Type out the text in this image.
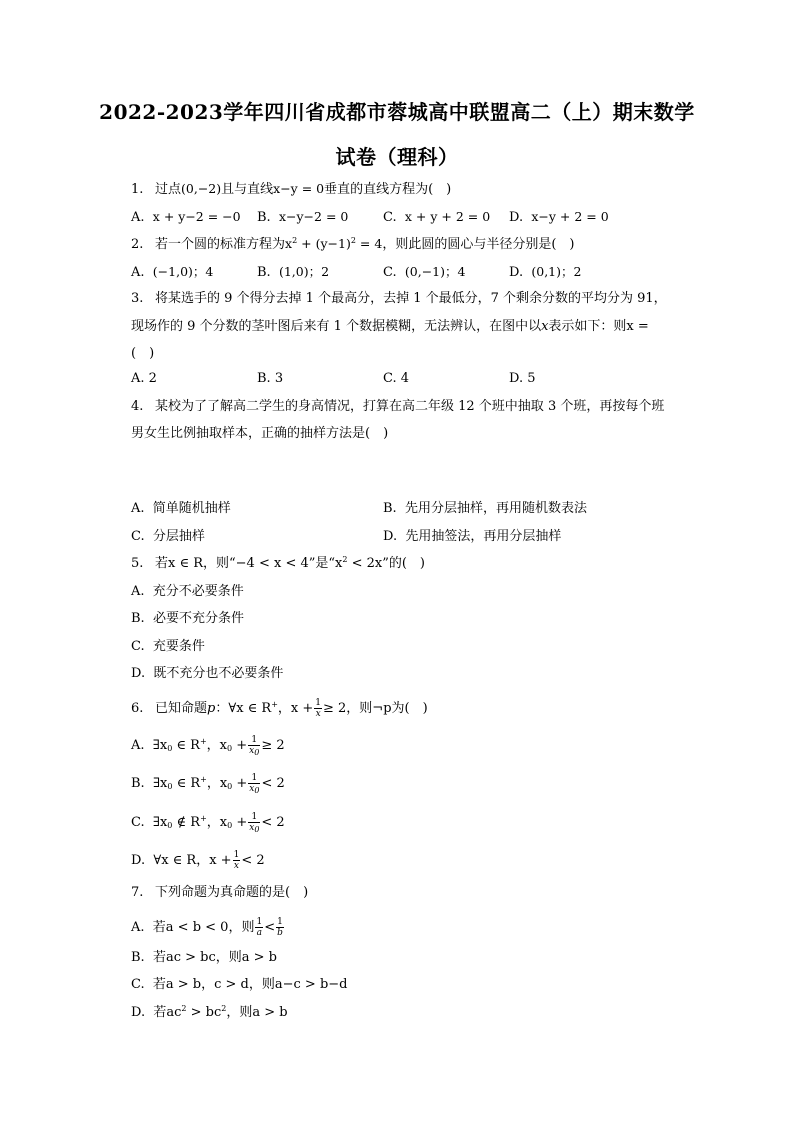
2022-2023学年四川省成都市蓉城高中联盟高二（上）期末数学
试卷（理科）
1. 过点(0,−2)且与直线x−y = 0垂直的直线方程为(　)
A. x + y−2 = −0 B. x−y−2 = 0	C. x + y + 2 = 0 D. x−y + 2 = 0
2. 若一个圆的标准方程为$x^2 + (y-1)^2 = 4$，则此圆的圆心与半径分别是(　)
A. (−1,0)；4	B. (1,0)；2	C. (0,−1)；4	D. (0,1)；2
3. 将某选手的 9 个得分去掉 1 个最高分，去掉 1 个最低分，7 个剩余分数的平均分为 91，
现场作的 9 个分数的茎叶图后来有 1 个数据模糊，无法辨认，在图中以x表示如下：则x =
(　)
A. 2	B. 3	C. 4	D. 5
4. 某校为了了解高二学生的身高情况，打算在高二年级 12 个班中抽取 3 个班，再按每个班
男女生比例抽取样本，正确的抽样方法是(　)
A. 简单随机抽样	B. 先用分层抽样，再用随机数表法
C. 分层抽样	D. 先用抽签法，再用分层抽样
5. 若x ∈ R，则“−4 < x < 4”是“$x^2 < 2x$”的(　)
A. 充分不必要条件
B. 必要不充分条件
C. 充要条件
D. 既不充分也不必要条件
6. 已知命题p：∀x ∈ R+，$x + \frac{1}{x} \ge 2$，则¬p为(　)
A. $\exists x_0$ ∈ R+，$x_0 + \frac{1}{x_0} \ge 2$
B. $\exists x_0$ ∈ R+，$x_0 + \frac{1}{x_0} < 2$
C. $\exists x_0$ ∉ R+，$x_0 + \frac{1}{x_0} < 2$
D. ∀x ∈ R，$x + \frac{1}{x} < 2$
7. 下列命题为真命题的是(　)
A. 若a < b < 0，则 $\frac{1}{a} < \frac{1}{b}$
B. 若ac > bc，则a > b
C. 若a > b，c > d，则a−c > b−d
D. 若$ac^2 > bc^2$，则a > b
